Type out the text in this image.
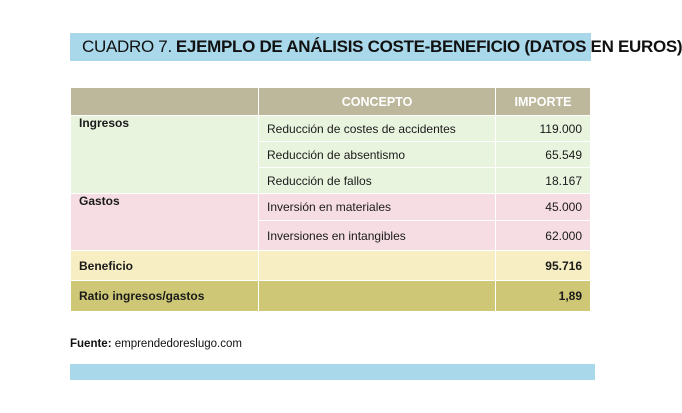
CUADRO 7. EJEMPLO DE ANÁLISIS COSTE-BENEFICIO (DATOS EN EUROS)
	CONCEPTO	IMPORTE
Ingresos	Reducción de costes de accidentes	119.000
	Reducción de absentismo	65.549
	Reducción de fallos	18.167
Gastos	Inversión en materiales	45.000
	Inversiones en intangibles	62.000
Beneficio		95.716
Ratio ingresos/gastos		1,89
Fuente: emprendedoreslugo.com
